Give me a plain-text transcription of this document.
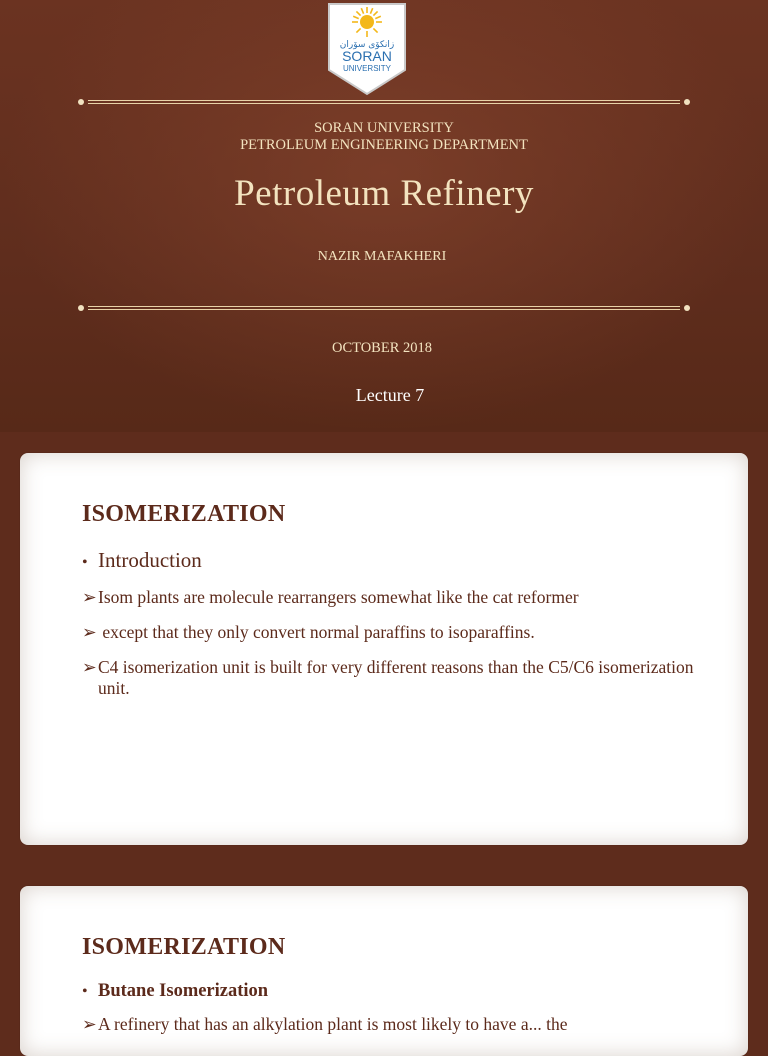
زانكۆى سۆران
SORAN
UNIVERSITY
SORAN UNIVERSITY
PETROLEUM ENGINEERING DEPARTMENT
Petroleum Refinery
NAZIR MAFAKHERI
OCTOBER 2018
Lecture 7
ISOMERIZATION
• Introduction
➢Isom plants are molecule rearrangers somewhat like the cat reformer
➢ except that they only convert normal paraffins to isoparaffins.
➢C4 isomerization unit is built for very different reasons than the C5/C6 isomerization unit.
ISOMERIZATION
• Butane Isomerization
➢A refinery that has an alkylation plant is most likely to have a... the
